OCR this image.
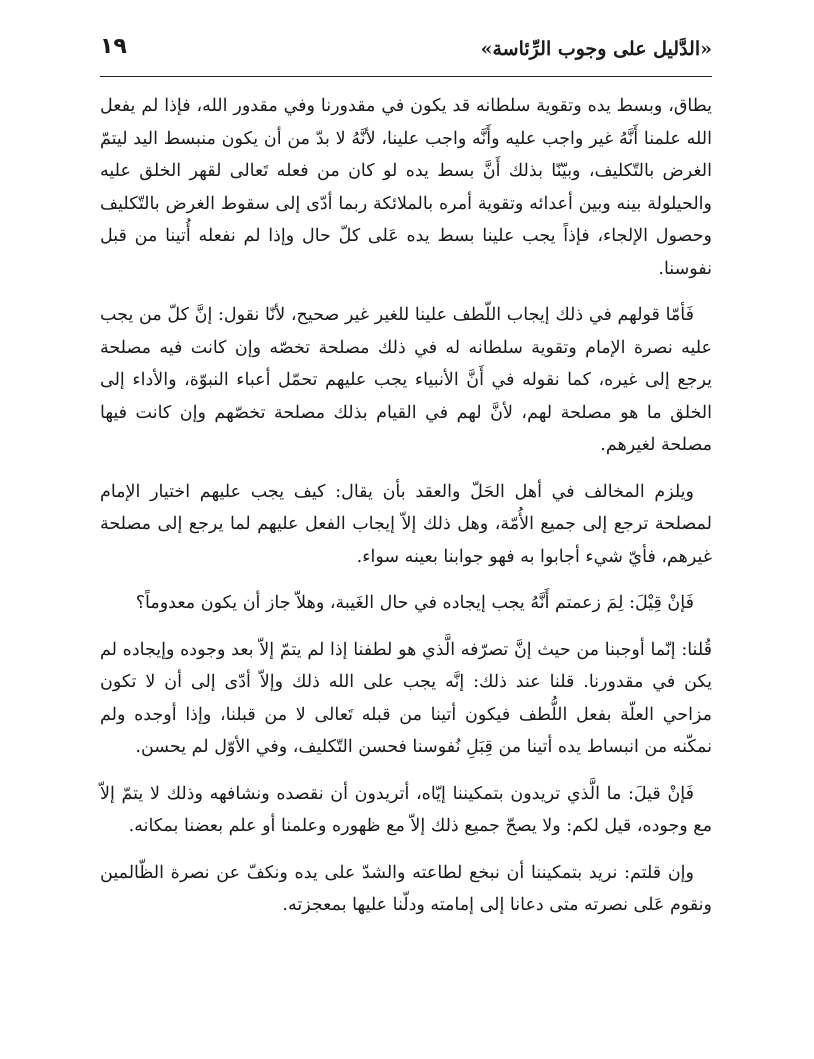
«الدَّليل على وجوب الرِّئاسة»
١٩

يطاق، وبسط يده وتقوية سلطانه قد يكون في مقدورنا وفي مقدور الله، فإذا لم يفعل الله علمنا أَنَّهُ غير واجب عليه وأَنَّه واجب علينا، لأنَّهُ لا بدّ من أن يكون منبسط اليد ليتمّ الغرض بالتّكليف، وبيّنّا بذلك أَنَّ بسط يده لو كان من فعله تَعالى لقهر الخلق عليه والحيلولة بينه وبين أعدائه وتقوية أمره بالملائكة ربما أدّى إلى سقوط الغرض بالتّكليف وحصول الإلجاء، فإذاً يجب علينا بسط يده عَلى كلّ حال وإذا لم نفعله أُتينا من قبل نفوسنا.

فَأمّا قولهم في ذلك إيجاب اللّطف علينا للغير غير صحيح، لأنّا نقول: إنَّ كلّ من يجب عليه نصرة الإمام وتقوية سلطانه له في ذلك مصلحة تخصّه وإن كانت فيه مصلحة يرجع إلى غيره، كما نقوله في أَنَّ الأنبياء يجب عليهم تحمّل أعباء النبوّة، والأداء إلى الخلق ما هو مصلحة لهم، لأنَّ لهم في القيام بذلك مصلحة تخصّهم وإن كانت فيها مصلحة لغيرهم.

ويلزم المخالف في أهل الحَلّ والعقد بأن يقال: كيف يجب عليهم اختيار الإمام لمصلحة ترجع إلى جميع الأُمّة، وهل ذلك إلاّ إيجاب الفعل عليهم لما يرجع إلى مصلحة غيرهم، فأيّ شيء أجابوا به فهو جوابنا بعينه سواء.

فَإنْ قِيْلَ: لِمَ زعمتم أَنَّهُ يجب إيجاده في حال الغَيبة، وهلاّ جاز أن يكون معدوماً؟

قُلنا: إنّما أوجبنا من حيث إنَّ تصرّفه الَّذي هو لطفنا إذا لم يتمّ إلاّ بعد وجوده وإيجاده لم يكن في مقدورنا. قلنا عند ذلك: إنَّه يجب على الله ذلك وإلاّ أدّى إلى أن لا تكون مزاحي العلّة بفعل اللُّطف فيكون أتينا من قبله تَعالى لا من قبلنا، وإذا أوجده ولم نمكّنه من انبساط يده أتينا من قِبَلِ نُفوسنا فحسن التّكليف، وفي الأوّل لم يحسن.

فَإنْ قيلَ: ما الَّذي تريدون بتمكيننا إيّاه، أتريدون أن نقصده ونشافهه وذلك لا يتمّ إلاّ مع وجوده، قيل لكم: ولا يصحّ جميع ذلك إلاّ مع ظهوره وعلمنا أو علم بعضنا بمكانه.

وإن قلتم: نريد بتمكيننا أن نبخع لطاعته والشدّ على يده ونكفّ عن نصرة الظّالمين ونقوم عَلى نصرته متى دعانا إلى إمامته ودلّنا عليها بمعجزته.
